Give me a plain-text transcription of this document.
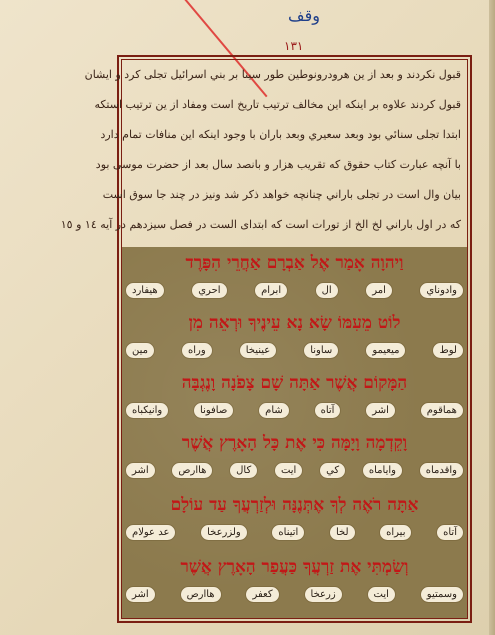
وقف
١٣١
قبول نكردند و بعد از ين هرودرونوطين طور سينا بر بني اسرائيل تجلى كرد و ايشان
قبول كردند علاوه بر اينكه اين مخالف ترتيب تاريخ است ومفاد از ين ترتيب استكه
ابتدا تجلى سنائي بود وبعد سعيري وبعد باران با وجود اينكه اين منافات تمام دارد
با آنچه عبارت كتاب حقوق كه تقريب هزار و بانصد سال بعد از حضرت موسى بود
بيان وال است در تجلى باراني چنانچه خواهد ذكر شد ونيز در چند جا سوق است
كه در اول باراني لخ الخ از تورات است كه ابتداى الست در فصل سيزدهم در آيه ١٤ و ١٥
וַיהוָה אָמַר אֶל אַבְרָם אַחֲרֵי הִפָּרֶד
وادوناي
امر
ال
ابرام
احري
هيفارد
לוֹט מֵעִמּוֹ שָׂא נָא עֵינֶיךָ וּרְאֵה מִן
لوط
ميعيمو
ساونا
عينيخا
وراه
مين
הַמָּקוֹם אֲשֶׁר אַתָּה שָׁם צָפֹנָה וָנֶגְבָּה
هماقوم
اشر
آتاه
شام
صافونا
وانيكباه
וָקֵדְמָה וָיָמָּה כִּי אֶת כָּל הָאָרֶץ אֲשֶׁר
واقدماه
واياماه
كي
ايت
كال
هاارص
اشر
אַתָּה רֹאֶה לְךָ אֶתְּנֶנָּה וּלְזַרְעֲךָ עַד עוֹלָם
آتاه
بيراه
لخا
اتيناه
ولزرعخا
عد عولام
וְשַׂמְתִּי אֶת זַרְעֲךָ כַּעֲפַר הָאָרֶץ אֲשֶׁר
وسمتيو
ايت
زرعخا
كعفر
هاارص
اشر
